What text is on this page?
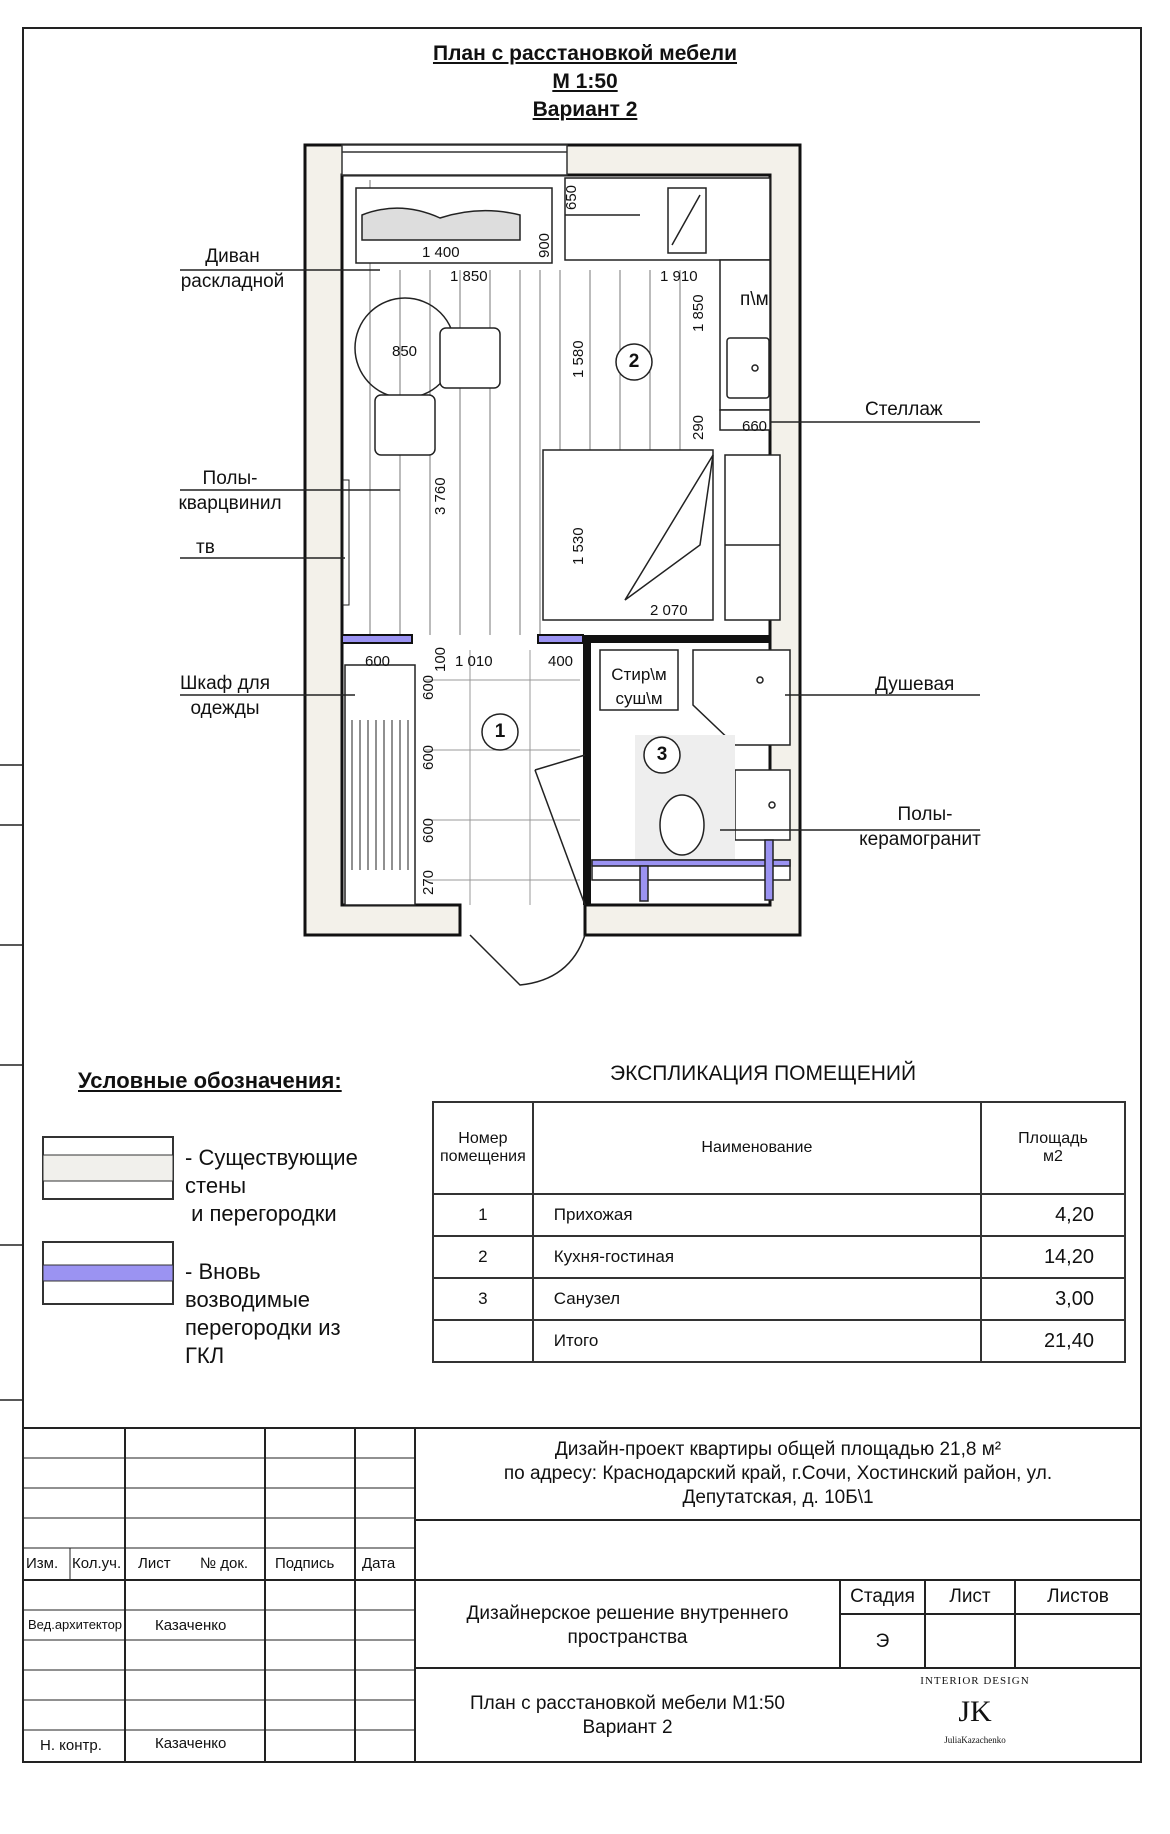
План с расстановкой мебели
М 1:50
Вариант 2
Диван
раскладной
Полы-
кварцвинил
тв
Шкаф для
одежды
Стеллаж
Душевая
Полы-
керамогранит
п\м
Стир\м
суш\м
2
1
3
650
900
1 400
1 850	1 910
1 850
850	1 580
290 660
3 760
1 530
2 070
600	100 1 010	400
600
600
600
270
Условные обозначения:
- Существующие
стены
и перегородки
- Вновь
возводимые
перегородки из
ГКЛ
ЭКСПЛИКАЦИЯ ПОМЕЩЕНИЙ
Номер
помещения	Наименование	Площадь
м2
1	Прихожая	4,20
2	Кухня-гостиная	14,20
3	Санузел	3,00
	Итого	21,40
Дизайн-проект квартиры общей площадью 21,8 м²
по адресу: Краснодарский край, г.Сочи, Хостинский район, ул.
Депутатская, д. 10Б\1
Изм. Кол.уч. Лист № док. Подпись Дата
Вед.архитектор Казаченко
Н. контр.	Казаченко
Дизайнерское решение внутреннего
пространства
Стадия	Лист	Листов
Э
План с расстановкой мебели М1:50
Вариант 2
INTERIOR DESIGN
JK
JuliaKazachenko
